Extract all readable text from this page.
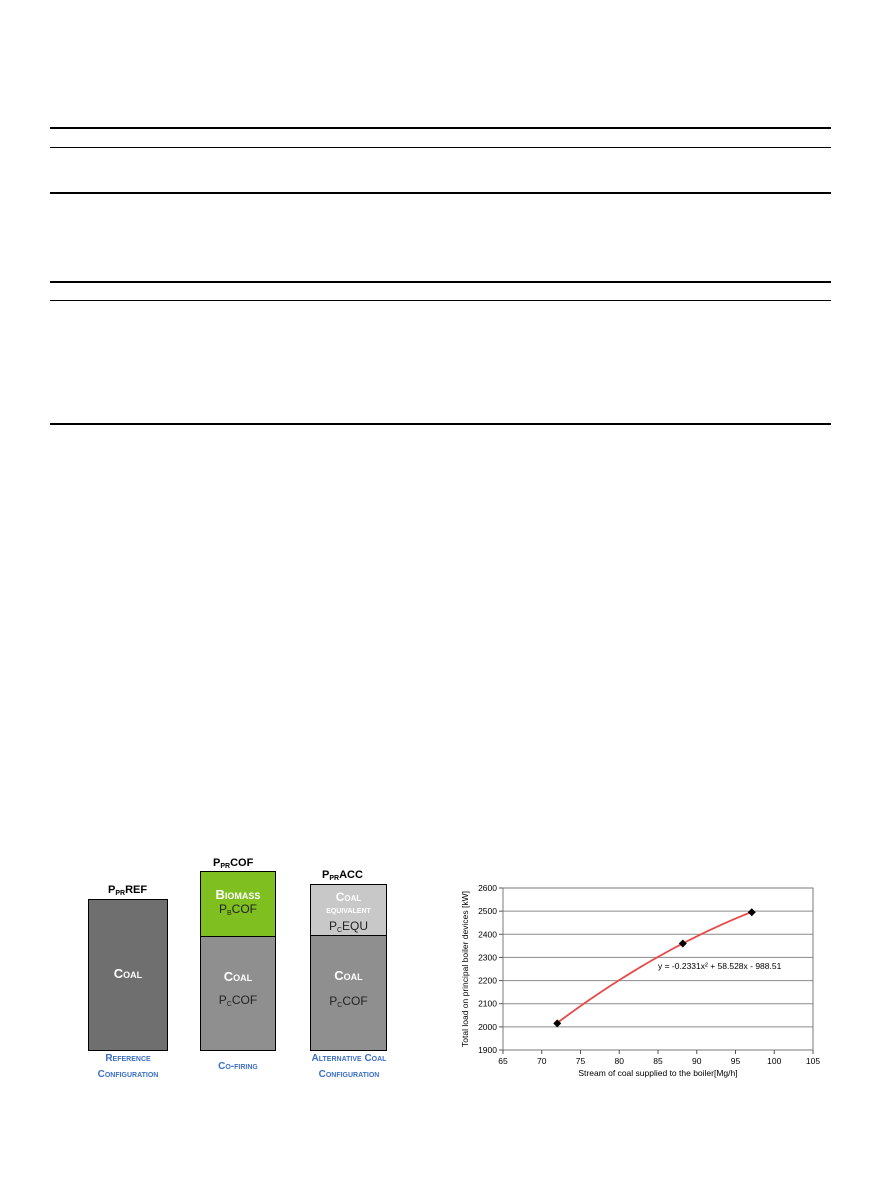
$P_{PR}REF$
Coal
Reference
Configuration
$P_{PR}COF$
Biomass
$P_BCOF$
Coal
$P_CCOF$
Co-firing
$P_{PR}ACC$
Coal
equivalent
$P_CEQU$
Coal
$P_CCOF$
Alternative Coal
Configuration
1900
2000
2100
2200
2300
2400
2500
2600
65	70	75	80	85	90	95	100	105
Stream of coal supplied to the boiler[Mg/h]
Total load on principal boiler devices [kW]	y = -0.2331x² + 58.528x - 988.51
